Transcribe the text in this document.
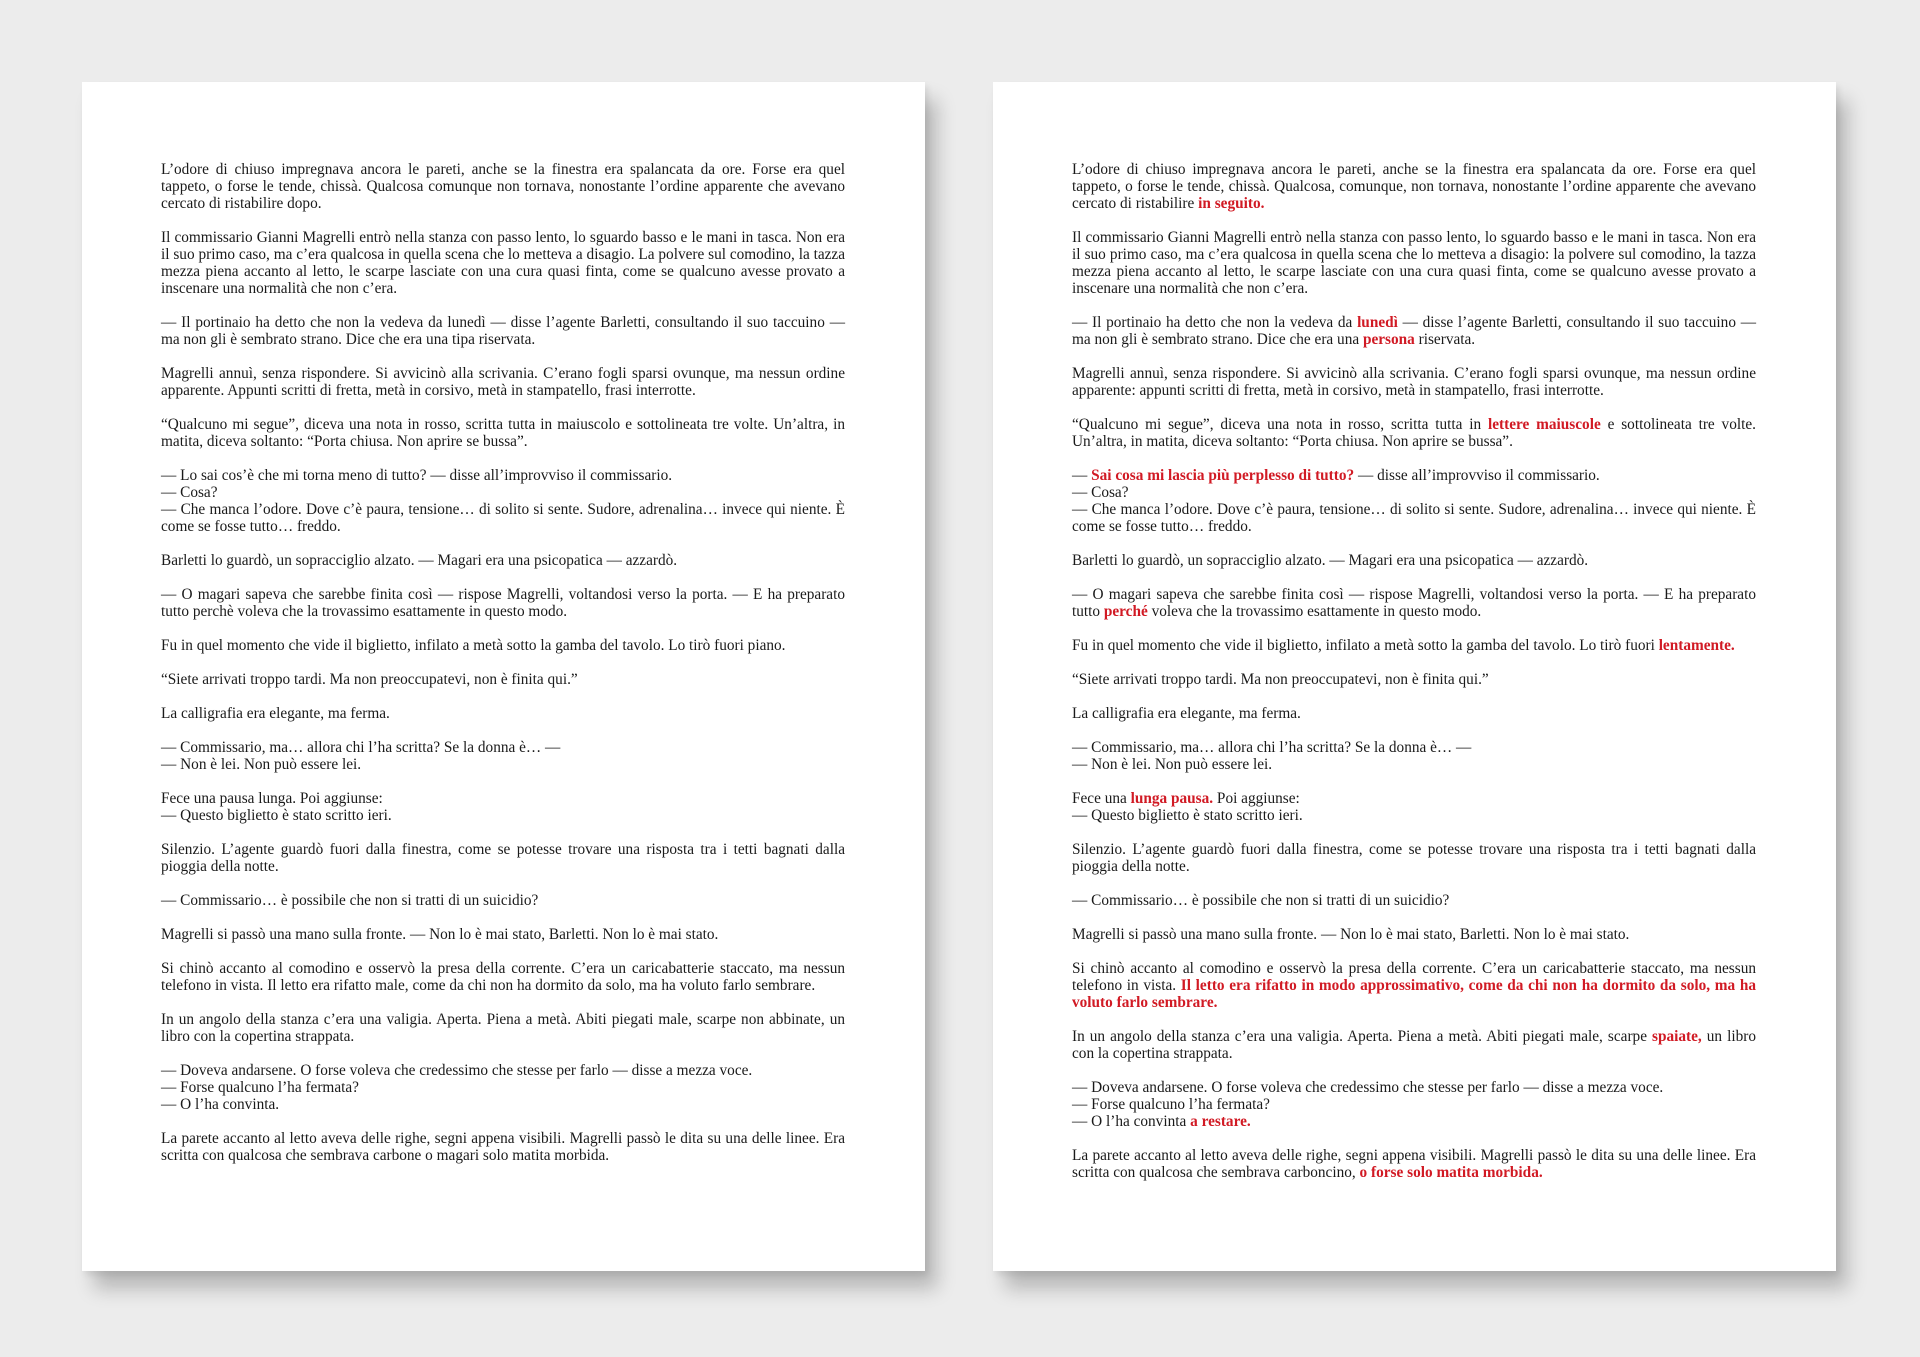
L’odore di chiuso impregnava ancora le pareti, anche se la finestra era spalancata da ore. Forse era quel tappeto, o forse le tende, chissà. Qualcosa comunque non tornava, nonostante l’ordine apparente che avevano cercato di ristabilire dopo.

Il commissario Gianni Magrelli entrò nella stanza con passo lento, lo sguardo basso e le mani in tasca. Non era il suo primo caso, ma c’era qualcosa in quella scena che lo metteva a disagio. La polvere sul comodino, la tazza mezza piena accanto al letto, le scarpe lasciate con una cura quasi finta, come se qualcuno avesse provato a inscenare una normalità che non c’era.

— Il portinaio ha detto che non la vedeva da lunedì — disse l’agente Barletti, consultando il suo taccuino — ma non gli è sembrato strano. Dice che era una tipa riservata.

Magrelli annuì, senza rispondere. Si avvicinò alla scrivania. C’erano fogli sparsi ovunque, ma nessun ordine apparente. Appunti scritti di fretta, metà in corsivo, metà in stampatello, frasi interrotte.

“Qualcuno mi segue”, diceva una nota in rosso, scritta tutta in maiuscolo e sottolineata tre volte. Un’altra, in matita, diceva soltanto: “Porta chiusa. Non aprire se bussa”.

— Lo sai cos’è che mi torna meno di tutto? — disse all’improvviso il commissario.
— Cosa?
— Che manca l’odore. Dove c’è paura, tensione… di solito si sente. Sudore, adrenalina… invece qui niente. È come se fosse tutto… freddo.

Barletti lo guardò, un sopracciglio alzato. — Magari era una psicopatica — azzardò.

— O magari sapeva che sarebbe finita così — rispose Magrelli, voltandosi verso la porta. — E ha preparato tutto perchè voleva che la trovassimo esattamente in questo modo.

Fu in quel momento che vide il biglietto, infilato a metà sotto la gamba del tavolo. Lo tirò fuori piano.

“Siete arrivati troppo tardi. Ma non preoccupatevi, non è finita qui.”

La calligrafia era elegante, ma ferma.

— Commissario, ma… allora chi l’ha scritta? Se la donna è… —
— Non è lei. Non può essere lei.

Fece una pausa lunga. Poi aggiunse:
— Questo biglietto è stato scritto ieri.

Silenzio. L’agente guardò fuori dalla finestra, come se potesse trovare una risposta tra i tetti bagnati dalla pioggia della notte.

— Commissario… è possibile che non si tratti di un suicidio?

Magrelli si passò una mano sulla fronte. — Non lo è mai stato, Barletti. Non lo è mai stato.

Si chinò accanto al comodino e osservò la presa della corrente. C’era un caricabatterie staccato, ma nessun telefono in vista. Il letto era rifatto male, come da chi non ha dormito da solo, ma ha voluto farlo sembrare.

In un angolo della stanza c’era una valigia. Aperta. Piena a metà. Abiti piegati male, scarpe non abbinate, un libro con la copertina strappata.

— Doveva andarsene. O forse voleva che credessimo che stesse per farlo — disse a mezza voce.
— Forse qualcuno l’ha fermata?
— O l’ha convinta.

La parete accanto al letto aveva delle righe, segni appena visibili. Magrelli passò le dita su una delle linee. Era scritta con qualcosa che sembrava carbone o magari solo matita morbida.

L’odore di chiuso impregnava ancora le pareti, anche se la finestra era spalancata da ore. Forse era quel tappeto, o forse le tende, chissà. Qualcosa, comunque, non tornava, nonostante l’ordine apparente che avevano cercato di ristabilire in seguito.

Il commissario Gianni Magrelli entrò nella stanza con passo lento, lo sguardo basso e le mani in tasca. Non era il suo primo caso, ma c’era qualcosa in quella scena che lo metteva a disagio: la polvere sul comodino, la tazza mezza piena accanto al letto, le scarpe lasciate con una cura quasi finta, come se qualcuno avesse provato a inscenare una normalità che non c’era.

— Il portinaio ha detto che non la vedeva da lunedì — disse l’agente Barletti, consultando il suo taccuino — ma non gli è sembrato strano. Dice che era una persona riservata.

Magrelli annuì, senza rispondere. Si avvicinò alla scrivania. C’erano fogli sparsi ovunque, ma nessun ordine apparente: appunti scritti di fretta, metà in corsivo, metà in stampatello, frasi interrotte.

“Qualcuno mi segue”, diceva una nota in rosso, scritta tutta in lettere maiuscole e sottolineata tre volte. Un’altra, in matita, diceva soltanto: “Porta chiusa. Non aprire se bussa”.

— Sai cosa mi lascia più perplesso di tutto? — disse all’improvviso il commissario.
— Cosa?
— Che manca l’odore. Dove c’è paura, tensione… di solito si sente. Sudore, adrenalina… invece qui niente. È come se fosse tutto… freddo.

Barletti lo guardò, un sopracciglio alzato. — Magari era una psicopatica — azzardò.

— O magari sapeva che sarebbe finita così — rispose Magrelli, voltandosi verso la porta. — E ha preparato tutto perché voleva che la trovassimo esattamente in questo modo.

Fu in quel momento che vide il biglietto, infilato a metà sotto la gamba del tavolo. Lo tirò fuori lentamente.

“Siete arrivati troppo tardi. Ma non preoccupatevi, non è finita qui.”

La calligrafia era elegante, ma ferma.

— Commissario, ma… allora chi l’ha scritta? Se la donna è… —
— Non è lei. Non può essere lei.

Fece una lunga pausa. Poi aggiunse:
— Questo biglietto è stato scritto ieri.

Silenzio. L’agente guardò fuori dalla finestra, come se potesse trovare una risposta tra i tetti bagnati dalla pioggia della notte.

— Commissario… è possibile che non si tratti di un suicidio?

Magrelli si passò una mano sulla fronte. — Non lo è mai stato, Barletti. Non lo è mai stato.

Si chinò accanto al comodino e osservò la presa della corrente. C’era un caricabatterie staccato, ma nessun telefono in vista. Il letto era rifatto in modo approssimativo, come da chi non ha dormito da solo, ma ha voluto farlo sembrare.

In un angolo della stanza c’era una valigia. Aperta. Piena a metà. Abiti piegati male, scarpe spaiate, un libro con la copertina strappata.

— Doveva andarsene. O forse voleva che credessimo che stesse per farlo — disse a mezza voce.
— Forse qualcuno l’ha fermata?
— O l’ha convinta a restare.

La parete accanto al letto aveva delle righe, segni appena visibili. Magrelli passò le dita su una delle linee. Era scritta con qualcosa che sembrava carboncino, o forse solo matita morbida.
